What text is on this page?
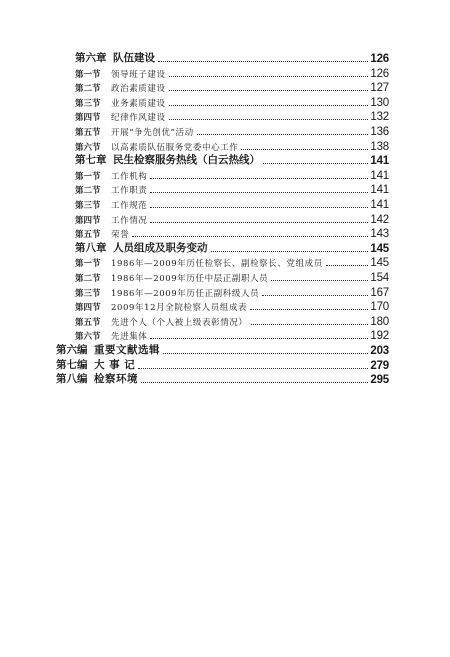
第六章 队伍建设	126
第一节	领导班子建设	126
第二节	政治素质建设	127
第三节	业务素质建设	130
第四节	纪律作风建设	132
第五节	开展“争先创优”活动	136
第六节	以高素质队伍服务党委中心工作	138
第七章 民生检察服务热线（白云热线）	141
第一节	工作机构	141
第二节	工作职责	141
第三节	工作规范	141
第四节	工作情况	142
第五节	荣誉	143
第八章 人员组成及职务变动	145
第一节	1986年—2009年历任检察长、副检察长、党组成员	145
第二节	1986年—2009年历任中层正副职人员	154
第三节	1986年—2009年历任正副科级人员	167
第四节	2009年12月全院检察人员组成表	170
第五节	先进个人（个人被上级表彰情况）	180
第六节	先进集体	192
第六编 重要文献选辑	203
第七编 大 事 记	279
第八编 检察环境	295
